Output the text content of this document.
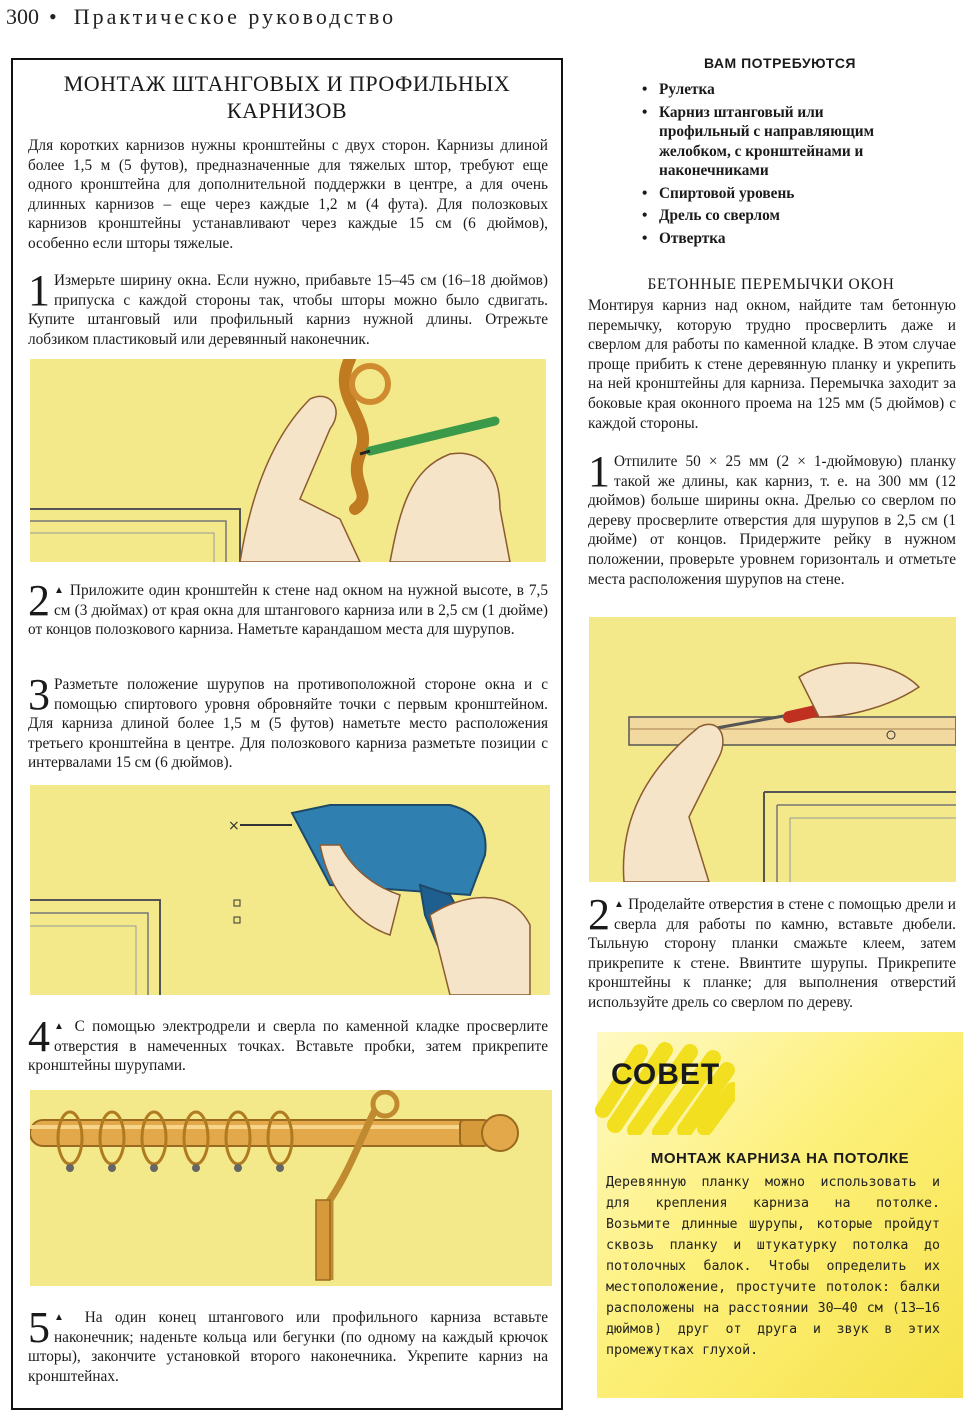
300 • Практическое руководство
МОНТАЖ ШТАНГОВЫХ И ПРОФИЛЬНЫХ
КАРНИЗОВ
Для коротких карнизов нужны кронштейны с двух сторон. Карнизы длиной более 1,5 м (5 футов), предназначенные для тяжелых штор, требуют еще одного кронштейна для дополнительной поддержки в центре, а для очень длинных карнизов – еще через каждые 1,2 м (4 фута). Для полозковых карнизов кронштейны устанавливают через каждые 15 см (6 дюймов), особенно если шторы тяжелые.
1 Измерьте ширину окна. Если нужно, прибавьте 15–45 см (16–18 дюймов) припуска с каждой стороны так, чтобы шторы можно было сдвигать. Купите штанговый или профильный карниз нужной длины. Отрежьте лобзиком пластиковый или деревянный наконечник.
2 ▲ Приложите один кронштейн к стене над окном на нужной высоте, в 7,5 см (3 дюймах) от края окна для штангового карниза или в 2,5 см (1 дюйме) от концов полозкового карниза. Наметьте карандашом места для шурупов.
3 Разметьте положение шурупов на противоположной стороне окна и с помощью спиртового уровня обровняйте точки с первым кронштейном. Для карниза длиной более 1,5 м (5 футов) наметьте место расположения третьего кронштейна в центре. Для полозкового карниза разметьте позиции с интервалами 15 см (6 дюймов).
×
4 ▲ С помощью электродрели и сверла по каменной кладке просверлите отверстия в намеченных точках. Вставьте пробки, затем прикрепите кронштейны шурупами.
5 ▲ На один конец штангового или профильного карниза вставьте наконечник; наденьте кольца или бегунки (по одному на каждый крючок шторы), закончите установкой второго наконечника. Укрепите карниз на кронштейнах.
ВАМ ПОТРЕБУЮТСЯ
• Рулетка
• Карниз штанговый или профильный с направляющим желобком, с кронштейнами и наконечниками
• Спиртовой уровень
• Дрель со сверлом
• Отвертка
БЕТОННЫЕ ПЕРЕМЫЧКИ ОКОН
Монтируя карниз над окном, найдите там бетонную перемычку, которую трудно просверлить даже и сверлом для работы по каменной кладке. В этом случае проще прибить к стене деревянную планку и укрепить на ней кронштейны для карниза. Перемычка заходит за боковые края оконного проема на 125 мм (5 дюймов) с каждой стороны.
1 Отпилите 50 × 25 мм (2 × 1-дюймовую) планку такой же длины, как карниз, т. е. на 300 мм (12 дюймов) больше ширины окна. Дрелью со сверлом по дереву просверлите отверстия для шурупов в 2,5 см (1 дюйме) от концов. Придержите рейку в нужном положении, проверьте уровнем горизонталь и отметьте места расположения шурупов на стене.
2 ▲ Проделайте отверстия в стене с помощью дрели и сверла для работы по камню, вставьте дюбели. Тыльную сторону планки смажьте клеем, затем прикрепите к стене. Ввинтите шурупы. Прикрепите кронштейны к планке; для выполнения отверстий используйте дрель со сверлом по дереву.
СОВЕТ
МОНТАЖ КАРНИЗА НА ПОТОЛКЕ
Деревянную планку можно использовать и для крепления карниза на потолке. Возьмите длинные шурупы, которые пройдут сквозь планку и штукатурку потолка до потолочных балок. Чтобы определить их местоположение, простучите потолок: балки расположены на расстоянии 30–40 см (13–16 дюймов) друг от друга и звук в этих промежутках глухой.
